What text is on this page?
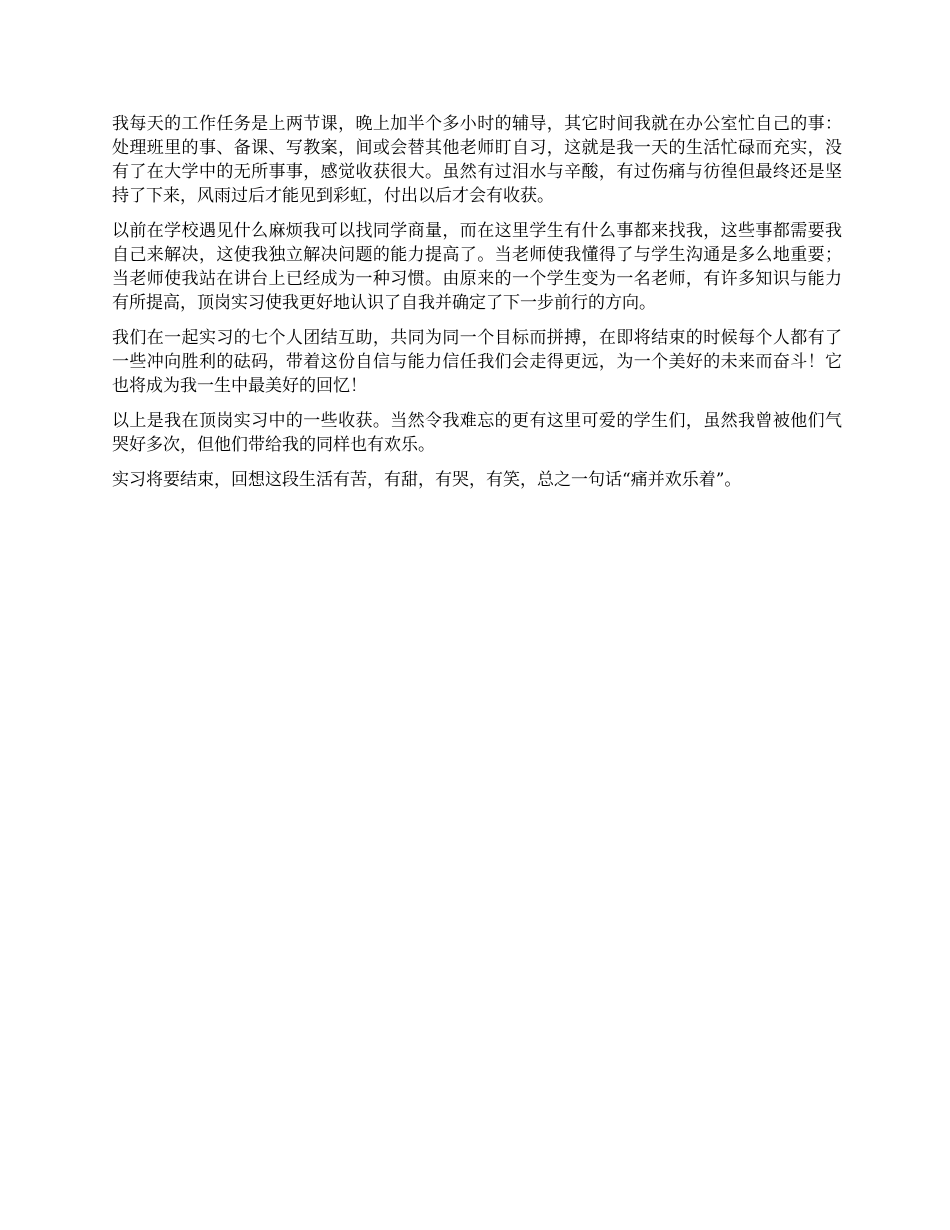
我每天的工作任务是上两节课，晚上加半个多小时的辅导，其它时间我就在办公室忙自己的事：处理班里的事、备课、写教案，间或会替其他老师盯自习，这就是我一天的生活忙碌而充实，没有了在大学中的无所事事，感觉收获很大。虽然有过泪水与辛酸，有过伤痛与彷徨但最终还是坚持了下来，风雨过后才能见到彩虹，付出以后才会有收获。

以前在学校遇见什么麻烦我可以找同学商量，而在这里学生有什么事都来找我，这些事都需要我自己来解决，这使我独立解决问题的能力提高了。当老师使我懂得了与学生沟通是多么地重要；当老师使我站在讲台上已经成为一种习惯。由原来的一个学生变为一名老师，有许多知识与能力有所提高，顶岗实习使我更好地认识了自我并确定了下一步前行的方向。

我们在一起实习的七个人团结互助，共同为同一个目标而拼搏，在即将结束的时候每个人都有了一些冲向胜利的砝码，带着这份自信与能力信任我们会走得更远，为一个美好的未来而奋斗！它也将成为我一生中最美好的回忆！

以上是我在顶岗实习中的一些收获。当然令我难忘的更有这里可爱的学生们，虽然我曾被他们气哭好多次，但他们带给我的同样也有欢乐。

实习将要结束，回想这段生活有苦，有甜，有哭，有笑，总之一句话“痛并欢乐着”。
